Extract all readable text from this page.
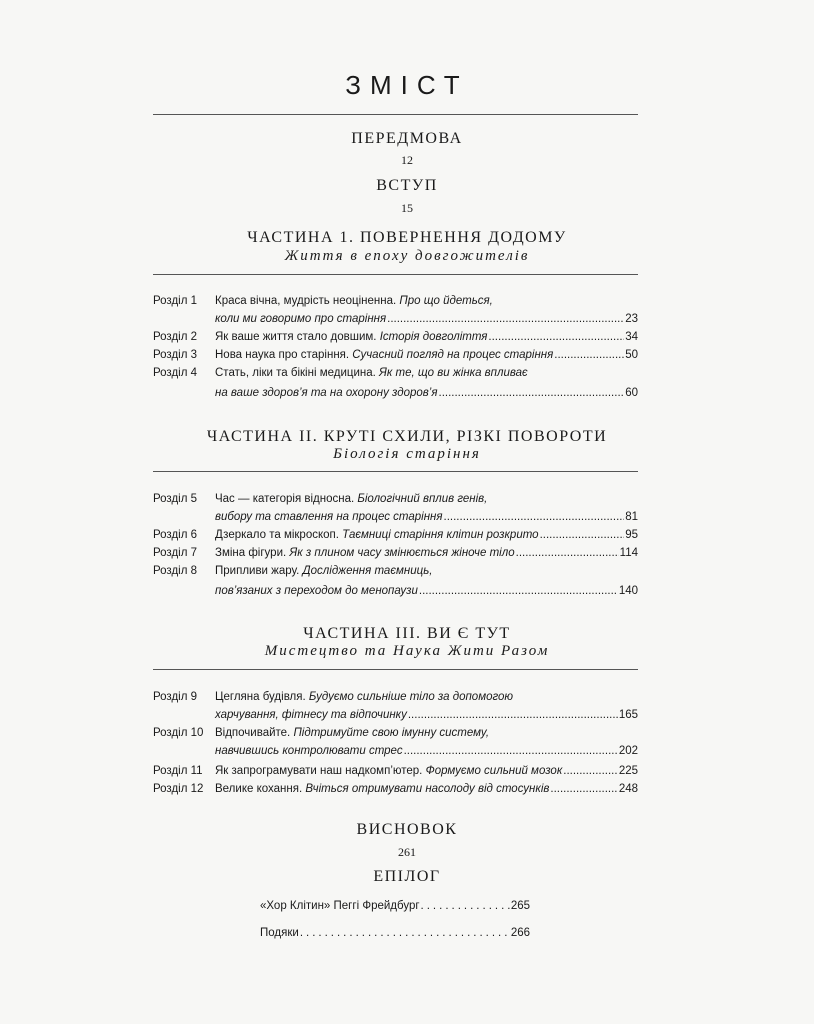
ЗМІСТ
ПЕРЕДМОВА
12
ВСТУП
15
ЧАСТИНА 1. ПОВЕРНЕННЯ ДОДОМУ
Життя в епоху довгожителів
Розділ 1	Краса вічна, мудрість неоціненна. Про що йдеться,
коли ми говоримо про старіння .....	23
Розділ 2	Як ваше життя стало довшим. Історія довголіття .....	34
Розділ 3	Нова наука про старіння. Сучасний погляд на процес старіння .....	50
Розділ 4	Стать, ліки та бікіні медицина. Як те, що ви жінка впливає
на ваше здоров’я та на охорону здоров’я .....	60
ЧАСТИНА ІІ. КРУТІ СХИЛИ, РІЗКІ ПОВОРОТИ
Біологія старіння
Розділ 5	Час — категорія відносна. Біологічний вплив генів,
вибору та ставлення на процес старіння .....	81
Розділ 6	Дзеркало та мікроскоп. Таємниці старіння клітин розкрито .....	95
Розділ 7	Зміна фігури. Як з плином часу змінюється жіноче тіло .....	114
Розділ 8	Припливи жару. Дослідження таємниць,
пов’язаних з переходом до менопаузи .....	140
ЧАСТИНА ІІІ. ВИ Є ТУТ
Мистецтво та Наука Жити Разом
Розділ 9	Цегляна будівля. Будуємо сильніше тіло за допомогою
харчування, фітнесу та відпочинку .....	165
Розділ 10	Відпочивайте. Підтримуйте свою імунну систему,
навчившись контролювати стрес .....	202
Розділ 11	Як запрограмувати наш надкомп’ютер. Формуємо сильний мозок .....	225
Розділ 12	Велике кохання. Вчіться отримувати насолоду від стосунків .....	248
ВИСНОВОК
261
ЕПІЛОГ
«Хор Клітин» Пеггі Фрейдбург .....	265
Подяки .....	266
